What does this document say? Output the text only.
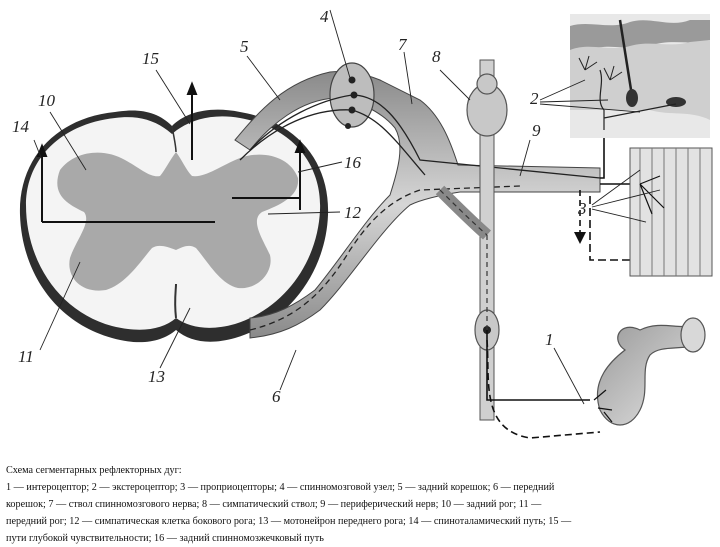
1
2
3
4
5
6
7
8
9
10
11
12
13
14
15
16
Схема сегментарных рефлекторных дуг:
1 — интероцептор; 2 — экстероцептор; 3 — проприоцепторы; 4 — спинномозговой узел; 5 — задний корешок; 6 — передний
корешок; 7 — ствол спинномозгового нерва; 8 — симпатический ствол; 9 — периферический нерв; 10 — задний рог; 11 —
передний рог; 12 — симпатическая клетка бокового рога; 13 — мотонейрон переднего рога; 14 — спиноталамический путь; 15 —
пути глубокой чувствительности; 16 — задний спинномозжечковый путь
